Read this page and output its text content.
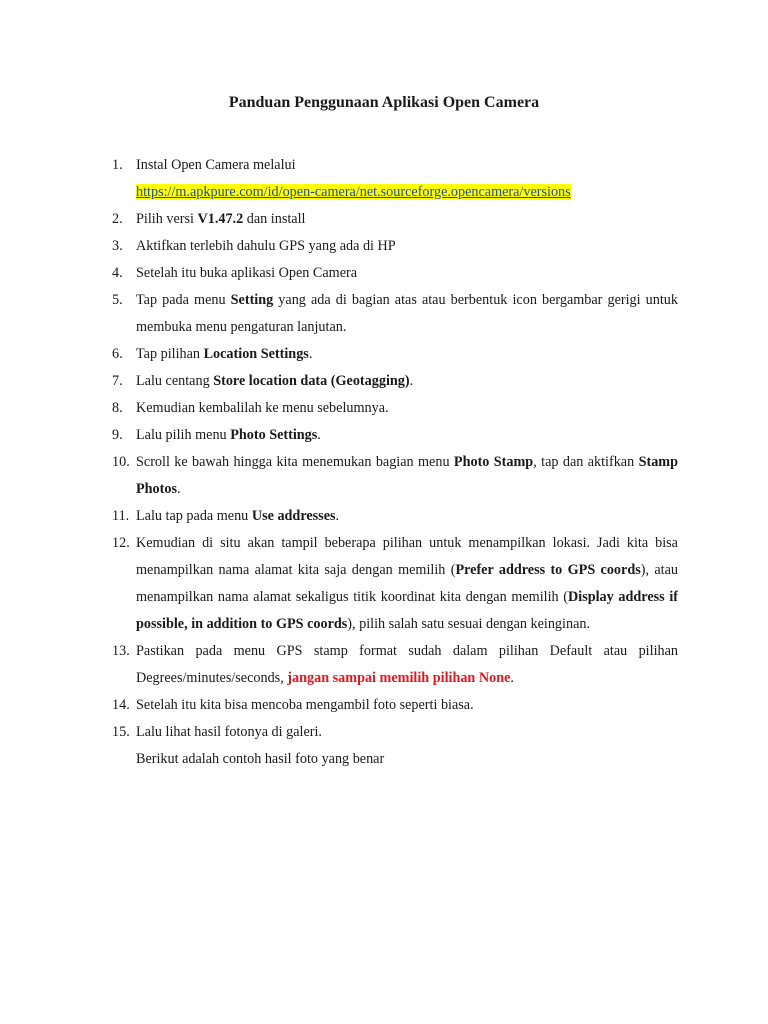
Panduan Penggunaan Aplikasi Open Camera
1. Instal Open Camera melalui
https://m.apkpure.com/id/open-camera/net.sourceforge.opencamera/versions
2. Pilih versi V1.47.2 dan install
3. Aktifkan terlebih dahulu GPS yang ada di HP
4. Setelah itu buka aplikasi Open Camera
5. Tap pada menu Setting yang ada di bagian atas atau berbentuk icon bergambar gerigi untuk membuka menu pengaturan lanjutan.
6. Tap pilihan Location Settings.
7. Lalu centang Store location data (Geotagging).
8. Kemudian kembalilah ke menu sebelumnya.
9. Lalu pilih menu Photo Settings.
10. Scroll ke bawah hingga kita menemukan bagian menu Photo Stamp, tap dan aktifkan Stamp Photos.
11. Lalu tap pada menu Use addresses.
12. Kemudian di situ akan tampil beberapa pilihan untuk menampilkan lokasi. Jadi kita bisa menampilkan nama alamat kita saja dengan memilih (Prefer address to GPS coords), atau menampilkan nama alamat sekaligus titik koordinat kita dengan memilih (Display address if possible, in addition to GPS coords), pilih salah satu sesuai dengan keinginan.
13. Pastikan pada menu GPS stamp format sudah dalam pilihan Default atau pilihan Degrees/minutes/seconds, jangan sampai memilih pilihan None.
14. Setelah itu kita bisa mencoba mengambil foto seperti biasa.
15. Lalu lihat hasil fotonya di galeri.
Berikut adalah contoh hasil foto yang benar
